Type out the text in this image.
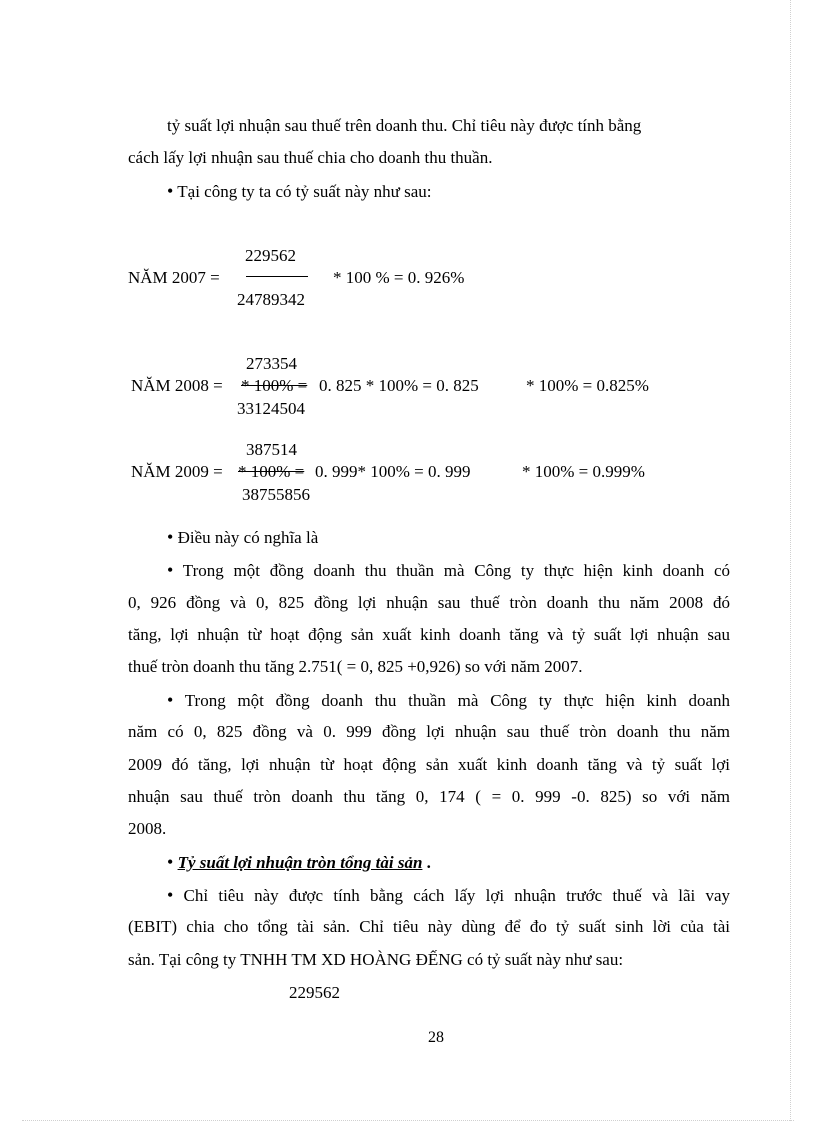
tỷ suất lợi nhuận sau thuế trên doanh thu. Chỉ tiêu này được tính bằng
cách lấy lợi nhuận sau thuế chia cho doanh thu thuần.
• Tại công ty ta có tỷ suất này như sau:
229562
NĂM 2007 =	* 100 % = 0. 926%
24789342
273354
NĂM 2008 = * 100% = 0. 825 * 100% = 0. 825	* 100% = 0.825%
33124504
387514
NĂM 2009 = * 100% = 0. 999* 100% = 0. 999	* 100% = 0.999%
38755856
• Điều này có nghĩa là
• Trong một đồng doanh thu thuần mà Công ty thực hiện kinh doanh có
0, 926 đồng và 0, 825 đồng lợi nhuận sau thuế tròn doanh thu năm 2008 đó
tăng, lợi nhuận từ hoạt động sản xuất kinh doanh tăng và tỷ suất lợi nhuận sau
thuế tròn doanh thu tăng 2.751( = 0, 825 +0,926) so với năm 2007.
• Trong một đồng doanh thu thuần mà Công ty thực hiện kinh doanh
năm có 0, 825 đồng và 0. 999 đồng lợi nhuận sau thuế tròn doanh thu năm
2009 đó tăng, lợi nhuận từ hoạt động sản xuất kinh doanh tăng và tỷ suất lợi
nhuận sau thuế tròn doanh thu tăng 0, 174 ( = 0. 999 -0. 825) so với năm
2008.
• Tỷ suất lợi nhuận tròn tổng tài sản .
• Chỉ tiêu này được tính bằng cách lấy lợi nhuận trước thuế và lãi vay
(EBIT) chia cho tổng tài sản. Chỉ tiêu này dùng để đo tỷ suất sinh lời của tài
sản. Tại công ty TNHH TM XD HOÀNG ĐẾNG có tỷ suất này như sau:
229562
28
